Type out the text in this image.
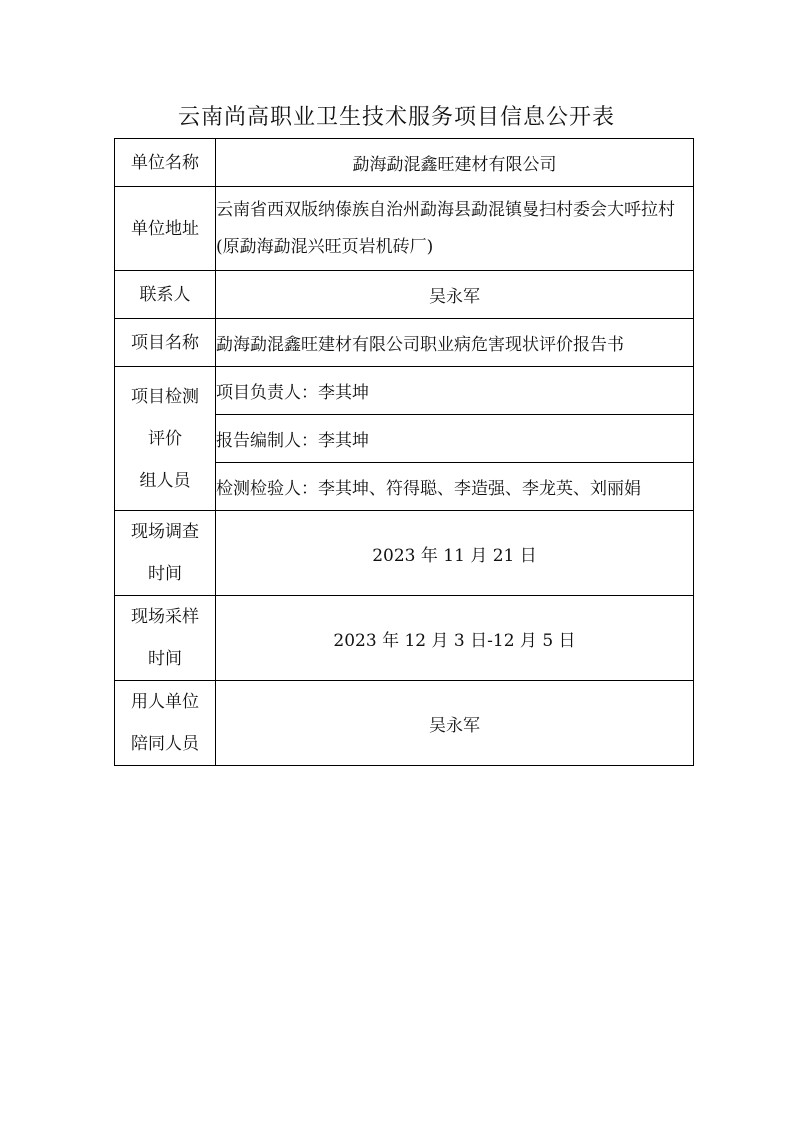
云南尚高职业卫生技术服务项目信息公开表
单位名称	勐海勐混鑫旺建材有限公司
单位地址	云南省西双版纳傣族自治州勐海县勐混镇曼扫村委会大呼拉村(原勐海勐混兴旺页岩机砖厂)
联系人	吴永军
项目名称	勐海勐混鑫旺建材有限公司职业病危害现状评价报告书

项目检测
评价
组人员	项目负责人：李其坤
	报告编制人：李其坤
	检测检验人：李其坤、符得聪、李造强、李龙英、刘丽娟

现场调查
时间	2023 年 11 月 21 日

现场采样
时间	2023 年 12 月 3 日-12 月 5 日

用人单位
陪同人员	吴永军
